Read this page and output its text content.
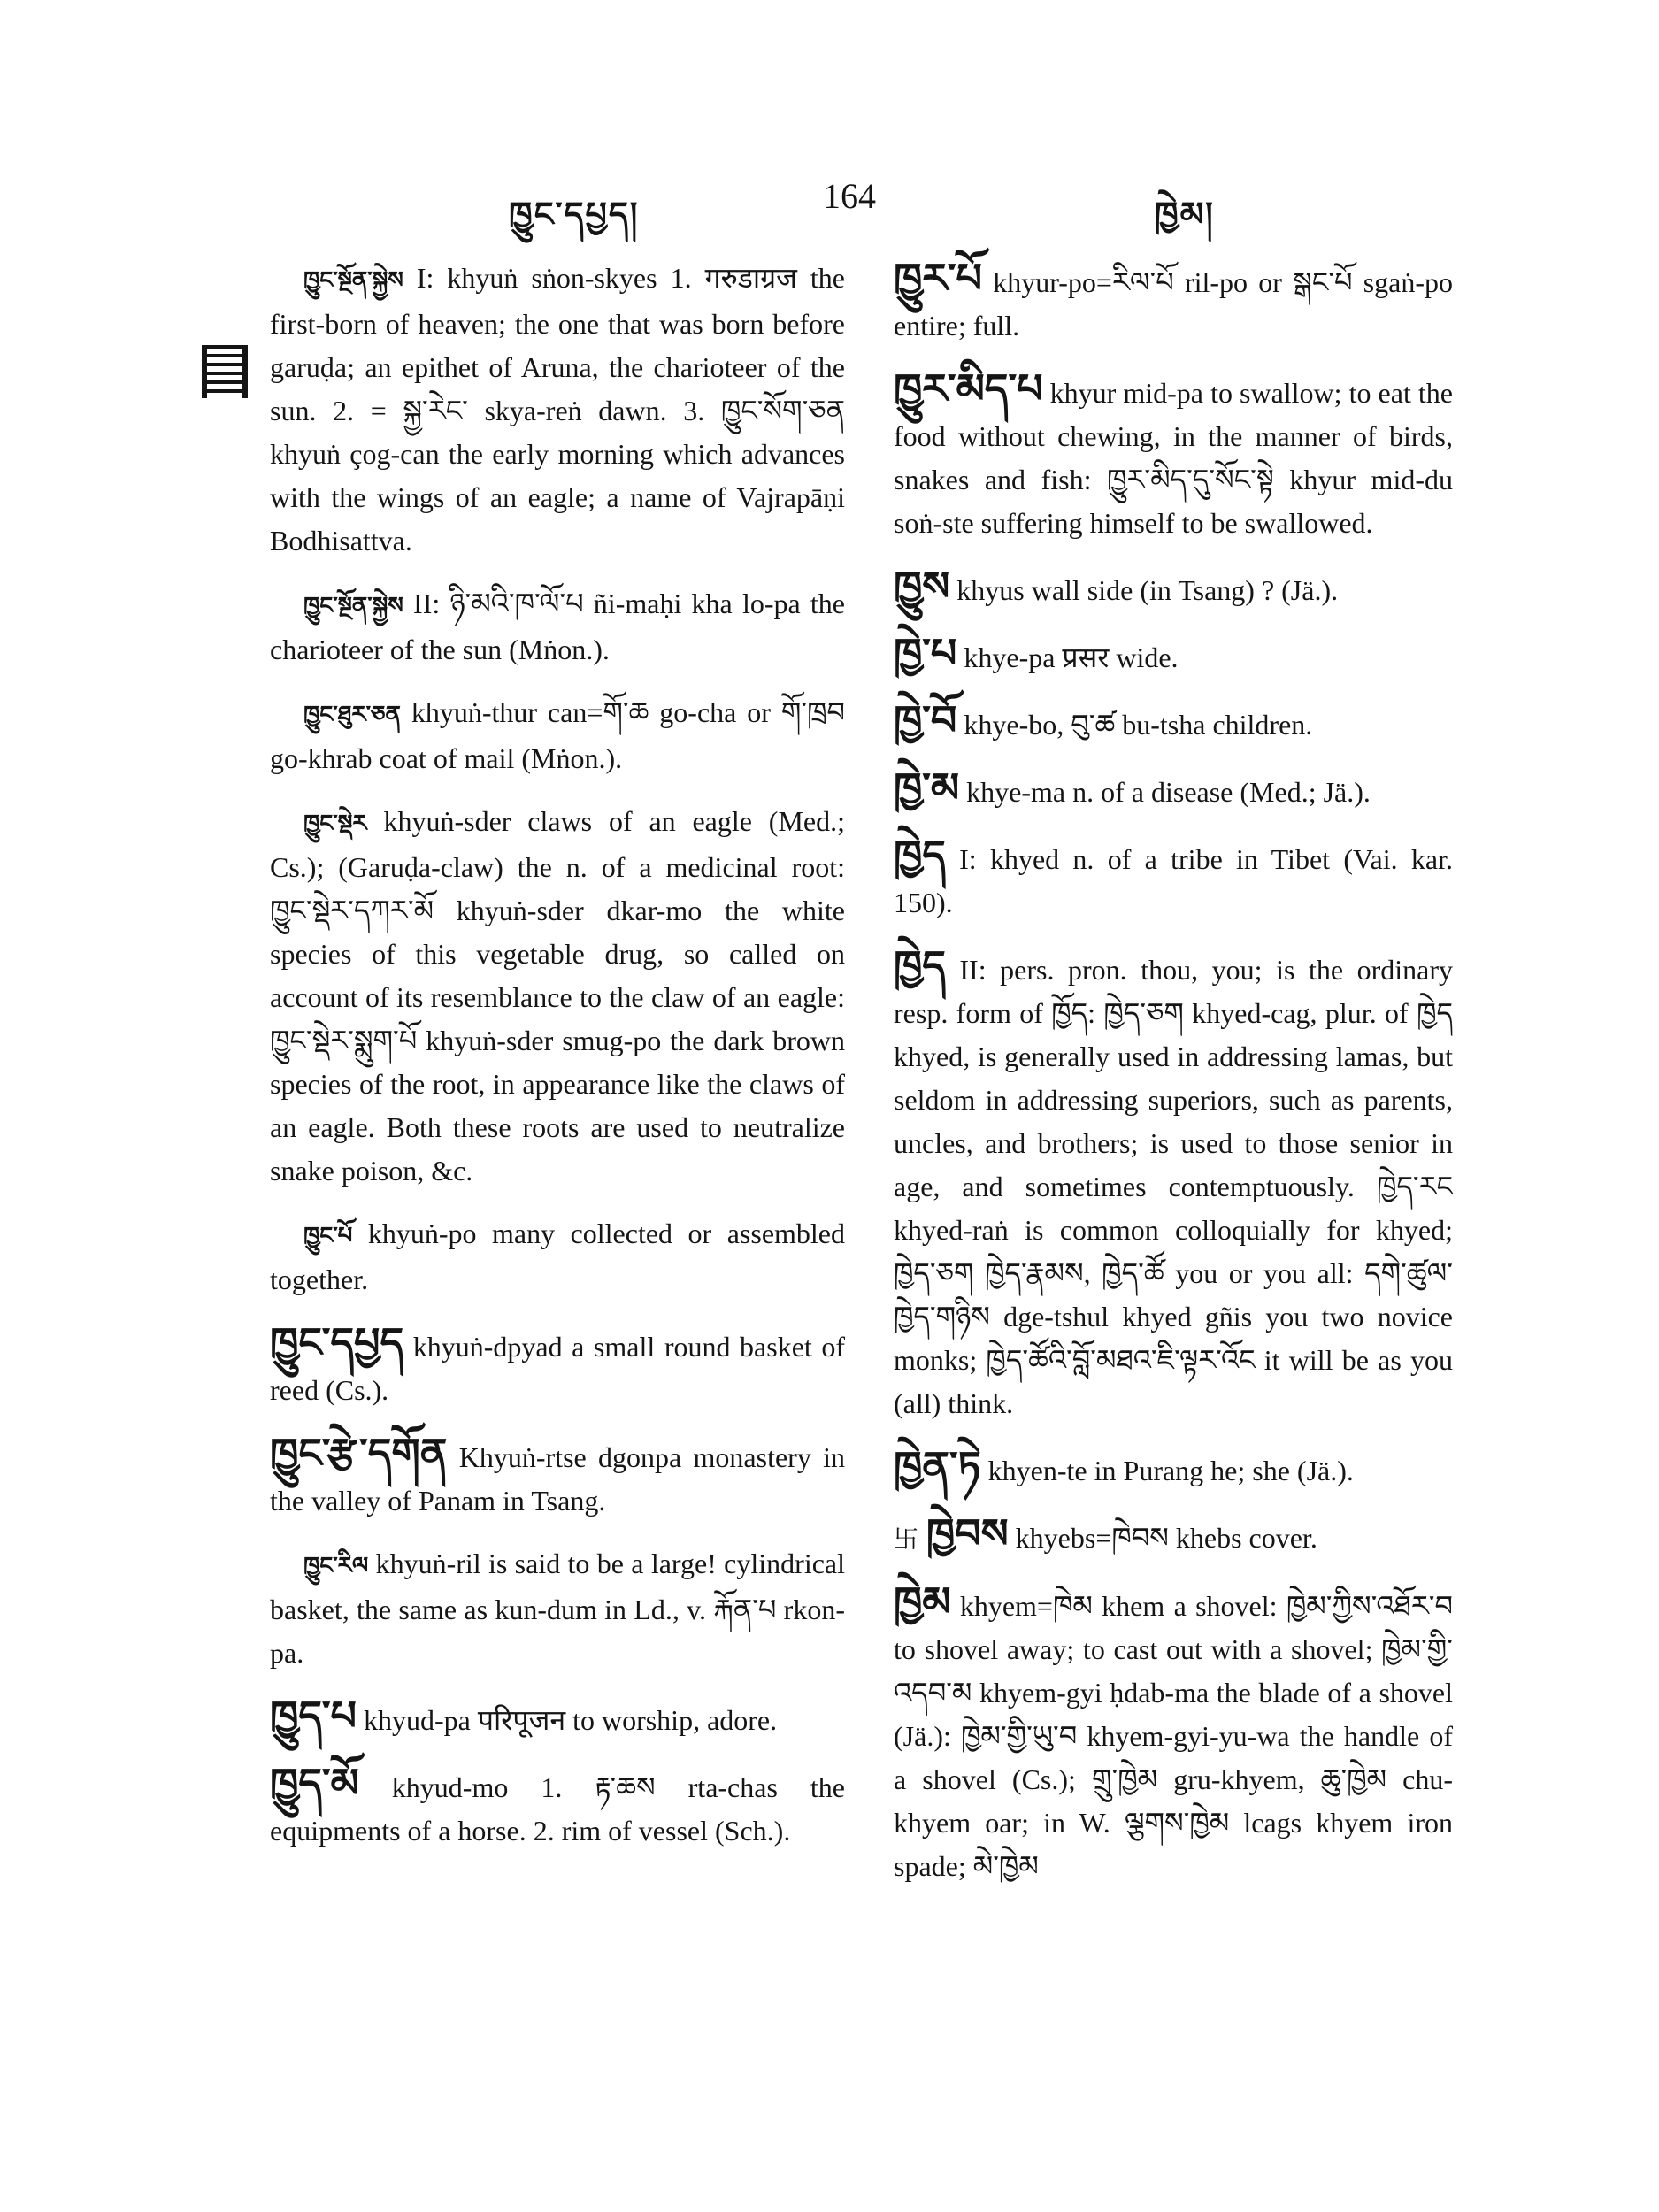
ཁྱུང་དཔྱད།	164	ཁྱེམ།

ཁྱུང་སྔོན་སྐྱེས I: khyuṅ sṅon-skyes 1. गरुडाग्रज the first-born of heaven; the one that was born before garuḍa; an epithet of Aruna, the charioteer of the sun. 2. = སྐྱ་རེང་ skya-reṅ dawn. 3. ཁྱུང་སོག་ཅན khyuṅ çog-can the early morning which advances with the wings of an eagle; a name of Vajrapāṇi Bodhisattva.

ཁྱུང་སྔོན་སྐྱེས II: ཉི་མའི་ཁ་ལོ་པ ñi-maḥi kha lo-pa the charioteer of the sun (Mṅon.).

ཁྱུང་ཐུར་ཅན khyuṅ-thur can=གོ་ཆ go-cha or གོ་ཁྲབ go-khrab coat of mail (Mṅon.).

ཁྱུང་སྡེར khyuṅ-sder claws of an eagle (Med.; Cs.); (Garuḍa-claw) the n. of a medicinal root: ཁྱུང་སྡེར་དཀར་མོ khyuṅ-sder dkar-mo the white species of this vegetable drug, so called on account of its resemblance to the claw of an eagle: ཁྱུང་སྡེར་སྨུག་པོ khyuṅ-sder smug-po the dark brown species of the root, in appearance like the claws of an eagle. Both these roots are used to neutralize snake poison, &c.

ཁྱུང་པོ khyuṅ-po many collected or assembled together.

ཁྱུང་དཔྱད khyuṅ-dpyad a small round basket of reed (Cs.).

ཁྱུང་རྩེ་དགོན Khyuṅ-rtse dgonpa monastery in the valley of Panam in Tsang.

ཁྱུང་རིལ khyuṅ-ril is said to be a large! cylindrical basket, the same as kun-dum in Ld., v. རྐོན་པ rkon-pa.

ཁྱུད་པ khyud-pa परिपूजन to worship, adore.

ཁྱུད་མོ khyud-mo 1. རྟ་ཆས rta-chas the equipments of a horse. 2. rim of vessel (Sch.).

ཁྱུར་པོ khyur-po=རིལ་པོ ril-po or སྒང་པོ sgaṅ-po entire; full.

ཁྱུར་མིད་པ khyur mid-pa to swallow; to eat the food without chewing, in the manner of birds, snakes and fish: ཁྱུར་མིད་དུ་སོང་སྟེ khyur mid-du soṅ-ste suffering himself to be swallowed.

ཁྱུས khyus wall side (in Tsang) ? (Jä.).

ཁྱེ་པ khye-pa प्रसर wide.

ཁྱེ་བོ khye-bo, བུ་ཚ bu-tsha children.

ཁྱེ་མ khye-ma n. of a disease (Med.; Jä.).

ཁྱེད I: khyed n. of a tribe in Tibet (Vai. kar. 150).

ཁྱེད II: pers. pron. thou, you; is the ordinary resp. form of ཁྱོད: ཁྱེད་ཅག khyed-cag, plur. of ཁྱེད khyed, is generally used in addressing lamas, but seldom in addressing superiors, such as parents, uncles, and brothers; is used to those senior in age, and sometimes contemptuously. ཁྱེད་རང khyed-raṅ is common colloquially for khyed; ཁྱེད་ཅག ཁྱེད་རྣམས, ཁྱེད་ཚོ you or you all: དགེ་ཚུལ་ཁྱེད་གཉིས dge-tshul khyed gñis you two novice monks; ཁྱེད་ཚོའི་བློ་མཐའ་ཇི་ལྟར་འོང it will be as you (all) think.

ཁྱེན་ཏེ khyen-te in Purang he; she (Jä.).

卐 ཁྱེབས khyebs=ཁེབས khebs cover.

ཁྱེམ khyem=ཁེམ khem a shovel: ཁྱེམ་ཀྱིས་འཐོར་བ to shovel away; to cast out with a shovel; ཁྱེམ་གྱི་འདབ་མ khyem-gyi ḥdab-ma the blade of a shovel (Jä.): ཁྱེམ་གྱི་ཡུ་བ khyem-gyi-yu-wa the handle of a shovel (Cs.); གྲུ་ཁྱེམ gru-khyem, ཆུ་ཁྱེམ chu-khyem oar; in W. ལྕགས་ཁྱེམ lcags khyem iron spade; མེ་ཁྱེམ
